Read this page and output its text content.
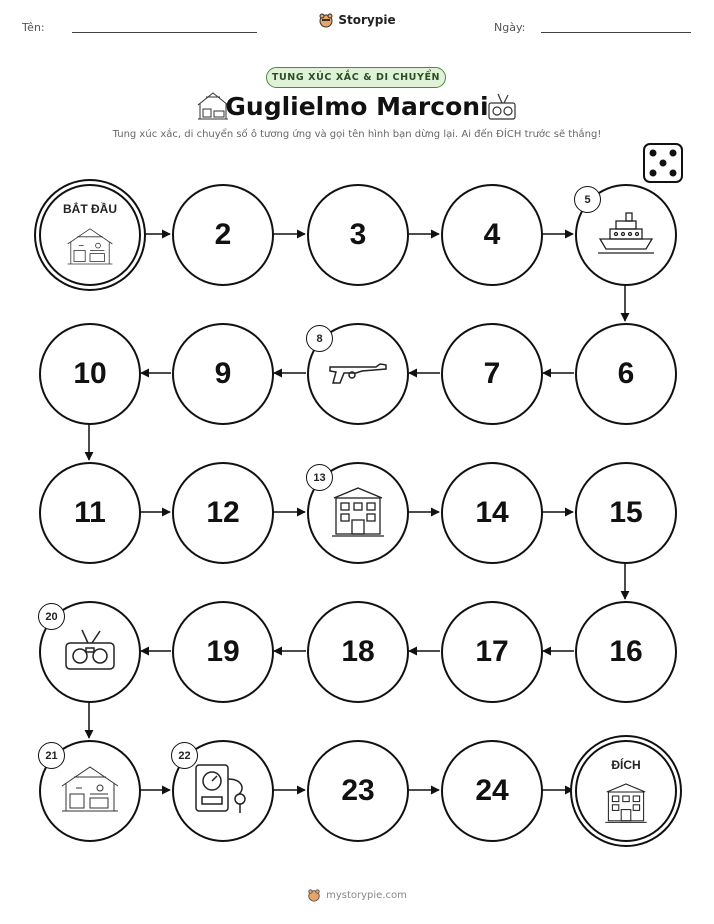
Tên:
Storypie
Ngày:
TUNG XÚC XẮC & DI CHUYỂN
Guglielmo Marconi
Tung xúc xắc, di chuyển số ô tương ứng và gọi tên hình bạn dừng lại. Ai đến ĐÍCH trước sẽ thắng!
BẮT ĐẦU
2	3	4
5
6
7
8
9
10
11	12
13
14	15
16
17
18
19
20
21	22
23	24
ĐÍCH
mystorypie.com
